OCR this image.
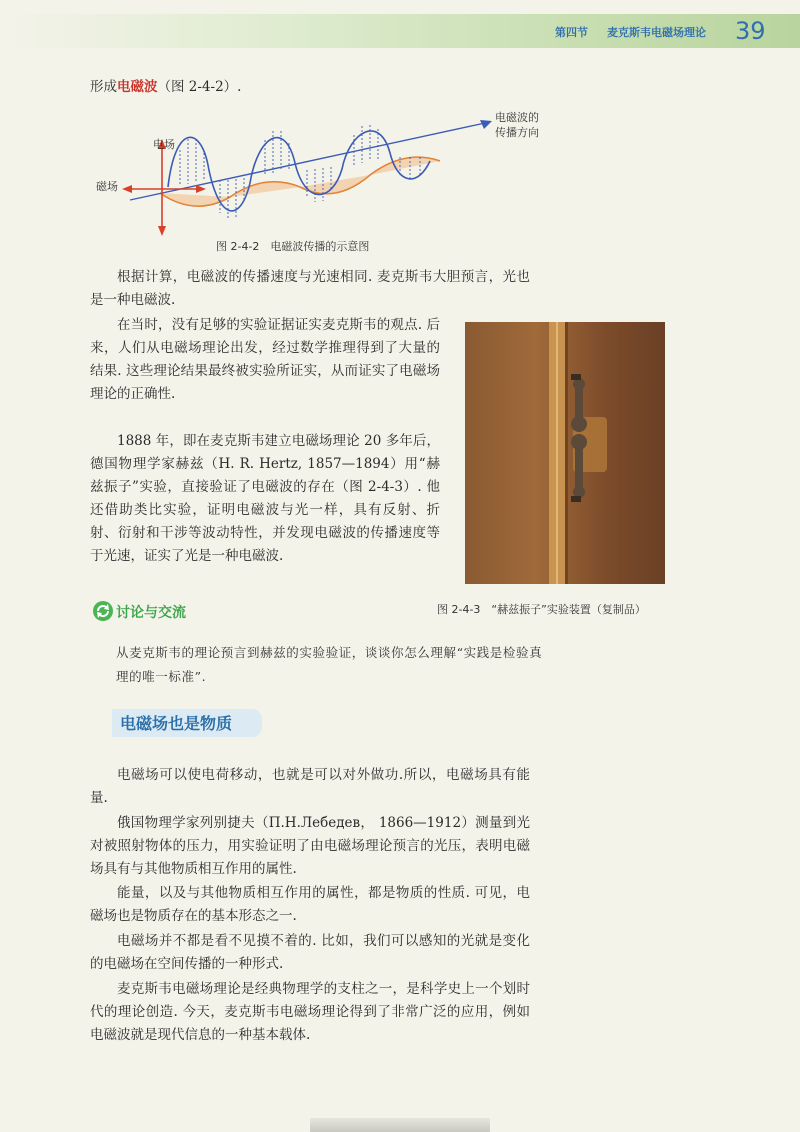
第四节 麦克斯韦电磁场理论 39

形成电磁波（图 2-4-2）.

电场
磁场
电磁波的
传播方向
图 2-4-2　电磁波传播的示意图

根据计算，电磁波的传播速度与光速相同. 麦克斯韦大胆预言，光也是一种电磁波.

在当时，没有足够的实验证据证实麦克斯韦的观点. 后来，人们从电磁场理论出发，经过数学推理得到了大量的结果. 这些理论结果最终被实验所证实，从而证实了电磁场理论的正确性.

1888 年，即在麦克斯韦建立电磁场理论 20 多年后，德国物理学家赫兹（H. R. Hertz, 1857—1894）用“赫兹振子”实验，直接验证了电磁波的存在（图 2-4-3）. 他还借助类比实验，证明电磁波与光一样，具有反射、折射、衍射和干涉等波动特性，并发现电磁波的传播速度等于光速，证实了光是一种电磁波.

图 2-4-3　“赫兹振子”实验装置（复制品）
讨论与交流

从麦克斯韦的理论预言到赫兹的实验验证，谈谈你怎么理解“实践是检验真理的唯一标准”.

电磁场也是物质

电磁场可以使电荷移动，也就是可以对外做功.所以，电磁场具有能量.

俄国物理学家列别捷夫（П.Н.Лебедев， 1866—1912）测量到光对被照射物体的压力，用实验证明了由电磁场理论预言的光压，表明电磁场具有与其他物质相互作用的属性.

能量，以及与其他物质相互作用的属性，都是物质的性质. 可见，电磁场也是物质存在的基本形态之一.

电磁场并不都是看不见摸不着的. 比如，我们可以感知的光就是变化的电磁场在空间传播的一种形式.

麦克斯韦电磁场理论是经典物理学的支柱之一，是科学史上一个划时代的理论创造. 今天，麦克斯韦电磁场理论得到了非常广泛的应用，例如电磁波就是现代信息的一种基本载体.
